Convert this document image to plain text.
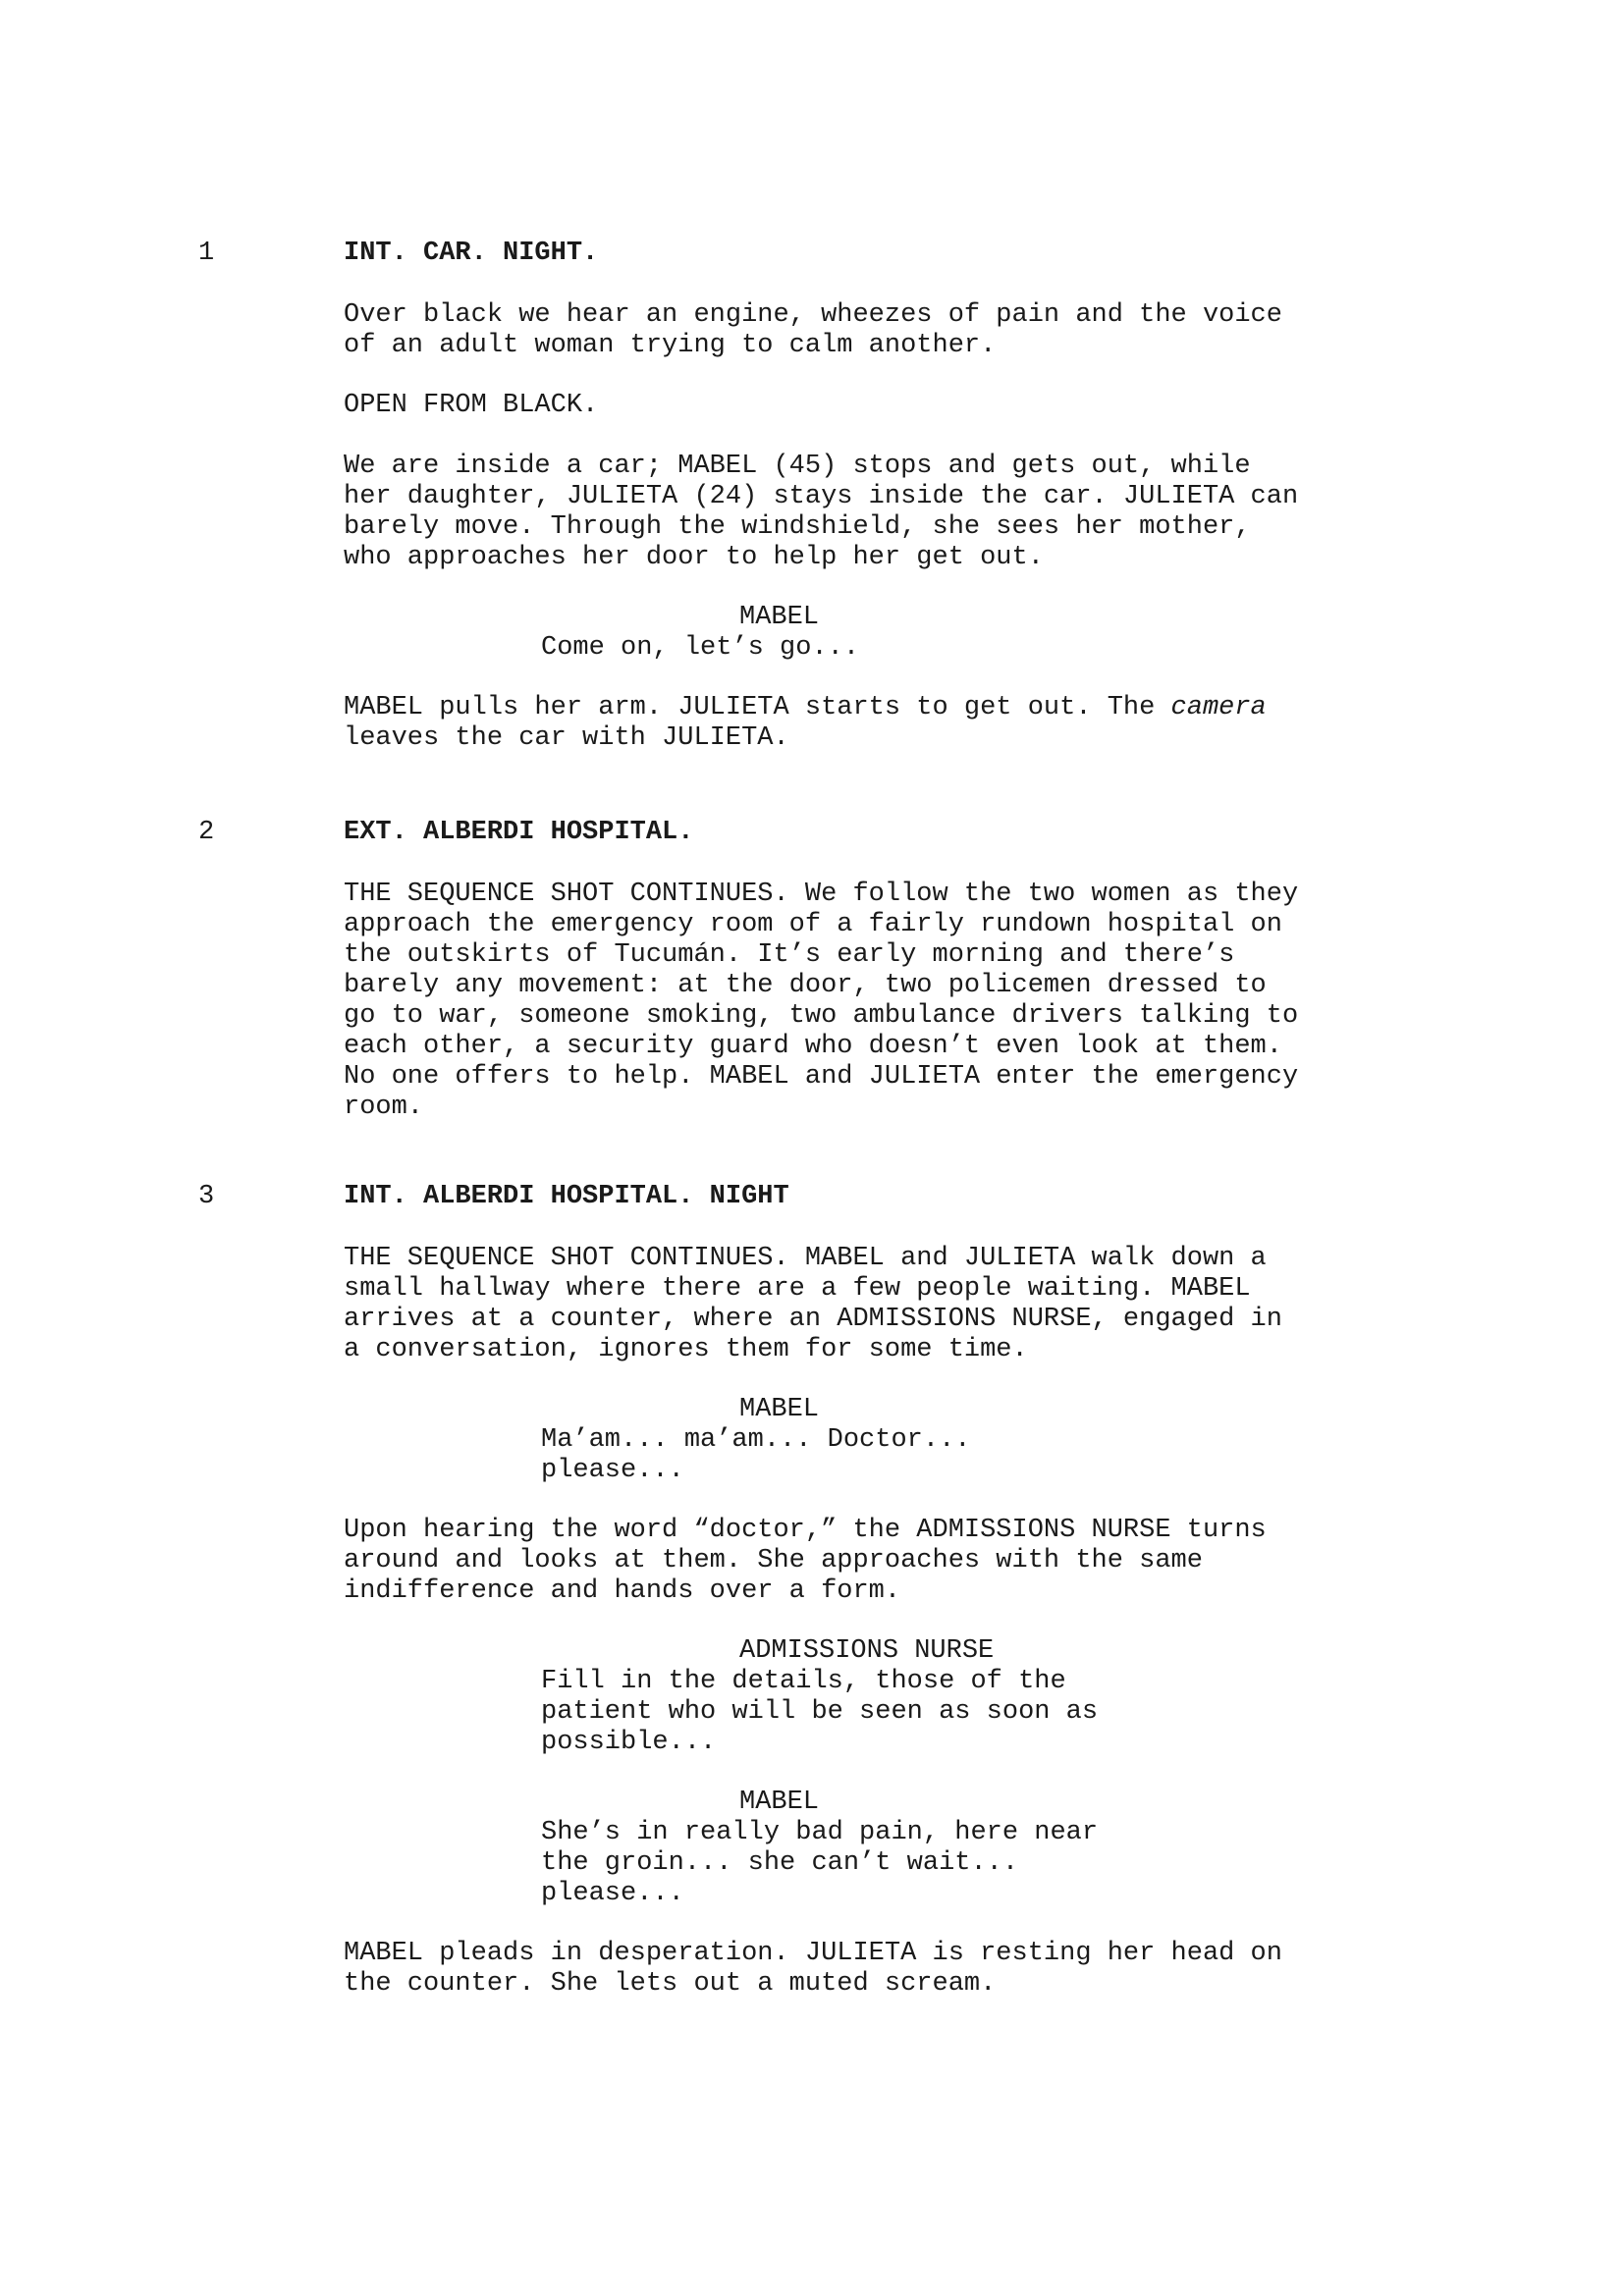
1	INT. CAR. NIGHT.

Over black we hear an engine, wheezes of pain and the voice
of an adult woman trying to calm another.

OPEN FROM BLACK.

We are inside a car; MABEL (45) stops and gets out, while
her daughter, JULIETA (24) stays inside the car. JULIETA can
barely move. Through the windshield, she sees her mother,
who approaches her door to help her get out.

MABEL

Come on, let’s go...

MABEL pulls her arm. JULIETA starts to get out. The camera
leaves the car with JULIETA.

2	EXT. ALBERDI HOSPITAL.

THE SEQUENCE SHOT CONTINUES. We follow the two women as they
approach the emergency room of a fairly rundown hospital on
the outskirts of Tucumán. It’s early morning and there’s
barely any movement: at the door, two policemen dressed to
go to war, someone smoking, two ambulance drivers talking to
each other, a security guard who doesn’t even look at them.
No one offers to help. MABEL and JULIETA enter the emergency
room.

3	INT. ALBERDI HOSPITAL. NIGHT

THE SEQUENCE SHOT CONTINUES. MABEL and JULIETA walk down a
small hallway where there are a few people waiting. MABEL
arrives at a counter, where an ADMISSIONS NURSE, engaged in
a conversation, ignores them for some time.

MABEL

Ma’am... ma’am... Doctor...
please...

Upon hearing the word “doctor,” the ADMISSIONS NURSE turns
around and looks at them. She approaches with the same
indifference and hands over a form.

ADMISSIONS NURSE

Fill in the details, those of the
patient who will be seen as soon as
possible...

MABEL

She’s in really bad pain, here near
the groin... she can’t wait...
please...

MABEL pleads in desperation. JULIETA is resting her head on
the counter. She lets out a muted scream.
